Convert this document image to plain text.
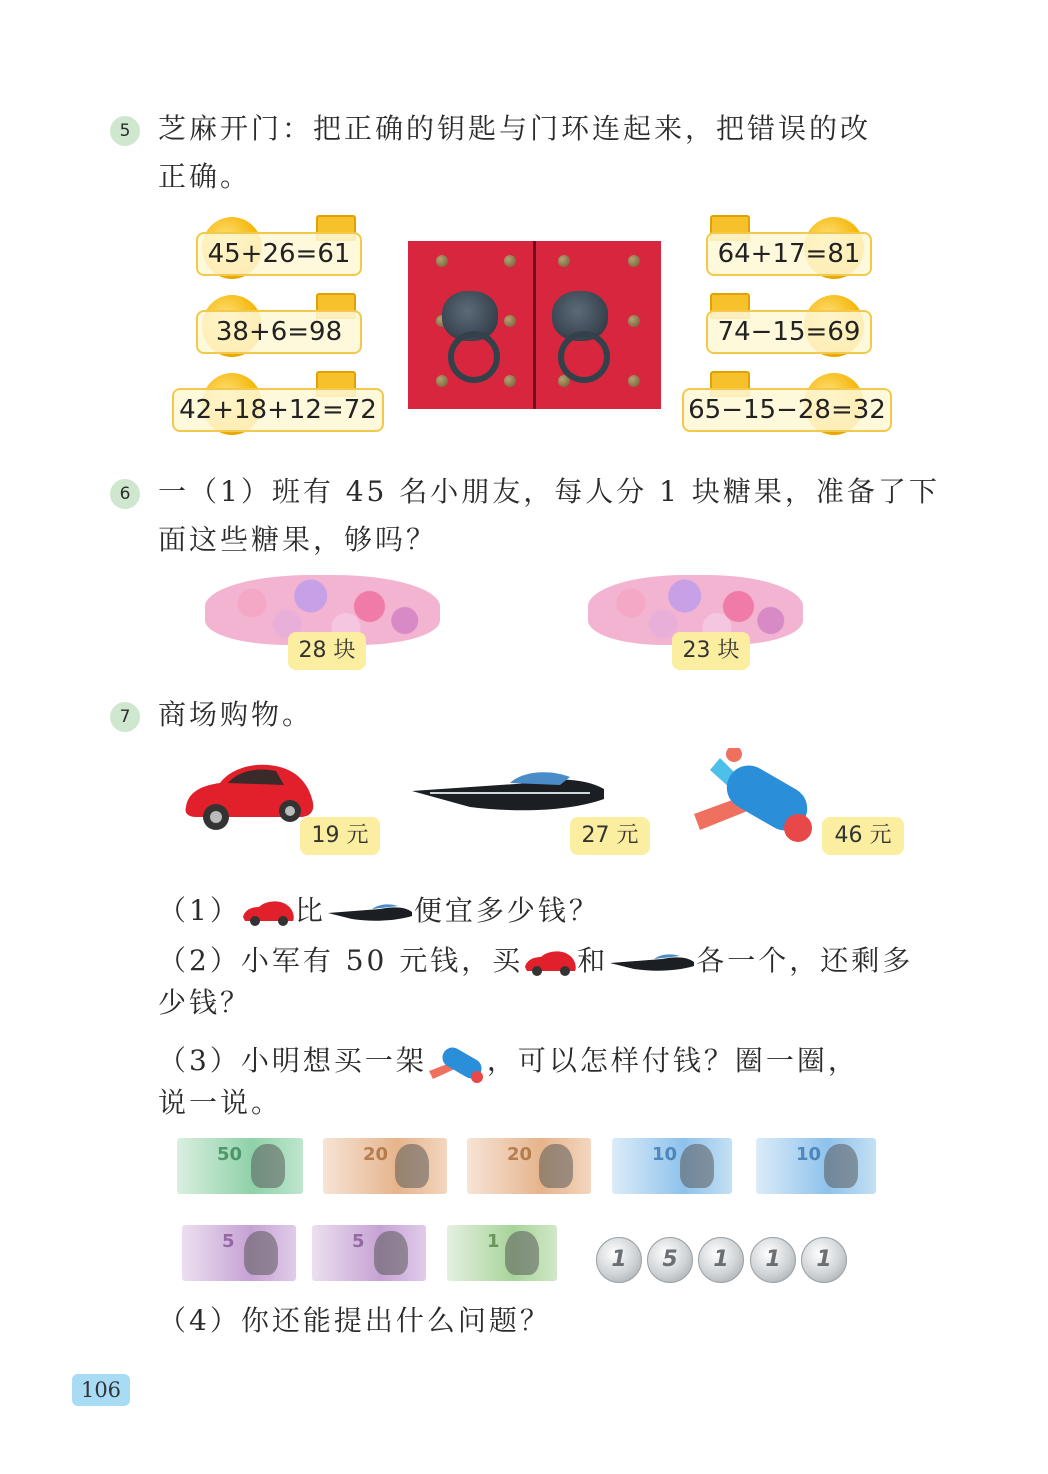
5 芝麻开门：把正确的钥匙与门环连起来，把错误的改
正确。
45+26=61
38+6=98
42+18+12=72
64+17=81
74−15=69
65−15−28=32
6 一（1）班有 45 名小朋友，每人分 1 块糖果，准备了下
面这些糖果，够吗？
28 块	23 块
7 商场购物。
19 元	27 元	46 元
（1） 比	便宜多少钱？
（2）小军有 50 元钱，买 和	各一个，还剩多
少钱？
（3）小明想买一架 ，可以怎样付钱？圈一圈，
说一说。
50	20	20	10	10
5	5	1
1	5	1	1	1
（4）你还能提出什么问题？
106
